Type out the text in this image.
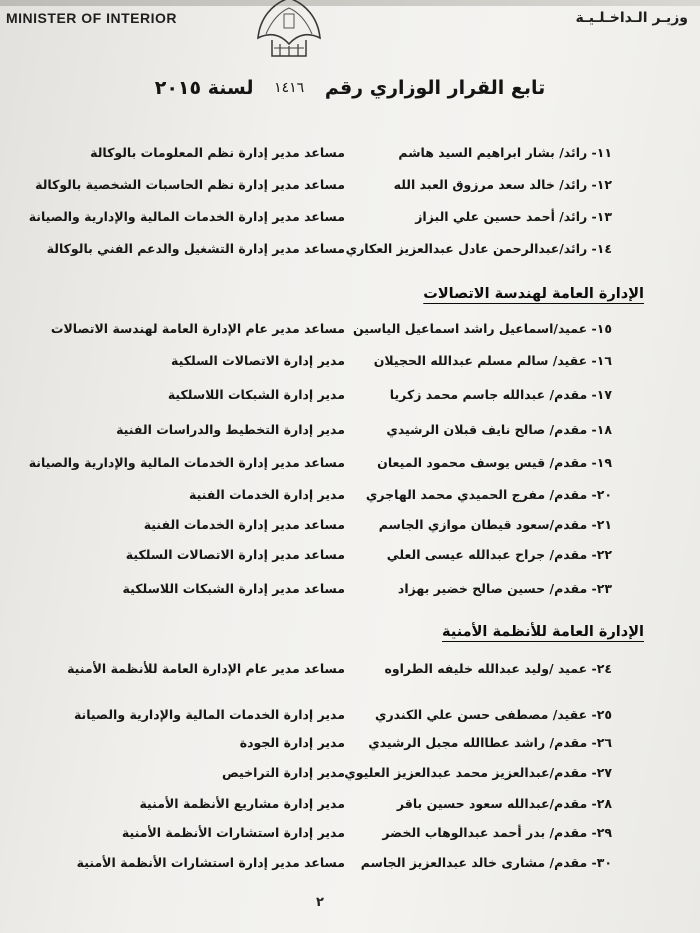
MINISTER OF INTERIOR	وزيـر الـداخـلـيـة
تابع القرار الوزاري رقم ١٤١٦ لسنة ٢٠١٥
١١- رائد/ بشار ابراهيم السيد هاشم
مساعد مدير إدارة نظم المعلومات بالوكالة
١٢- رائد/ خالد سعد مرزوق العبد الله
مساعد مدير إدارة نظم الحاسبات الشخصية بالوكالة
١٣- رائد/ أحمد حسين علي البزاز
مساعد مدير إدارة الخدمات المالية والإدارية والصيانة
١٤- رائد/عبدالرحمن عادل عبدالعزيز العكاري
مساعد مدير إدارة التشغيل والدعم الفني بالوكالة
الإدارة العامة لهندسة الاتصالات
١٥- عميد/اسماعيل راشد اسماعيل الياسين
مساعد مدير عام الإدارة العامة لهندسة الاتصالات
١٦- عقيد/ سالم مسلم عبدالله الحجيلان
مدير إدارة الاتصالات السلكية
١٧- مقدم/ عبدالله جاسم محمد زكريا
مدير إدارة الشبكات اللاسلكية
١٨- مقدم/ صالح نايف قبلان الرشيدي
مدير إدارة التخطيط والدراسات الفنية
١٩- مقدم/ قيس يوسف محمود الميعان
مساعد مدير إدارة الخدمات المالية والإدارية والصيانة
٢٠- مقدم/ مفرج الحميدي محمد الهاجري
مدير إدارة الخدمات الفنية
٢١- مقدم/سعود قيطان موازي الجاسم
مساعد مدير إدارة الخدمات الفنية
٢٢- مقدم/ جراح عبدالله عيسى العلي
مساعد مدير إدارة الاتصالات السلكية
٢٣- مقدم/ حسين صالح خضير بهزاد
مساعد مدير إدارة الشبكات اللاسلكية
الإدارة العامة للأنظمة الأمنية
٢٤- عميد /وليد عبدالله خليفه الطراوه
مساعد مدير عام الإدارة العامة للأنظمة الأمنية
٢٥- عقيد/ مصطفى حسن علي الكندري
مدير إدارة الخدمات المالية والإدارية والصيانة
٢٦- مقدم/ راشد عطاالله مجبل الرشيدي
مدير إدارة الجودة
٢٧- مقدم/عبدالعزيز محمد عبدالعزيز العليوي
مدير إدارة التراخيص
٢٨- مقدم/عبدالله سعود حسين باقر
مدير إدارة مشاريع الأنظمة الأمنية
٢٩- مقدم/ بدر أحمد عبدالوهاب الخضر
مدير إدارة استشارات الأنظمة الأمنية
٣٠- مقدم/ مشارى خالد عبدالعزيز الجاسم
مساعد مدير إدارة استشارات الأنظمة الأمنية
٢
